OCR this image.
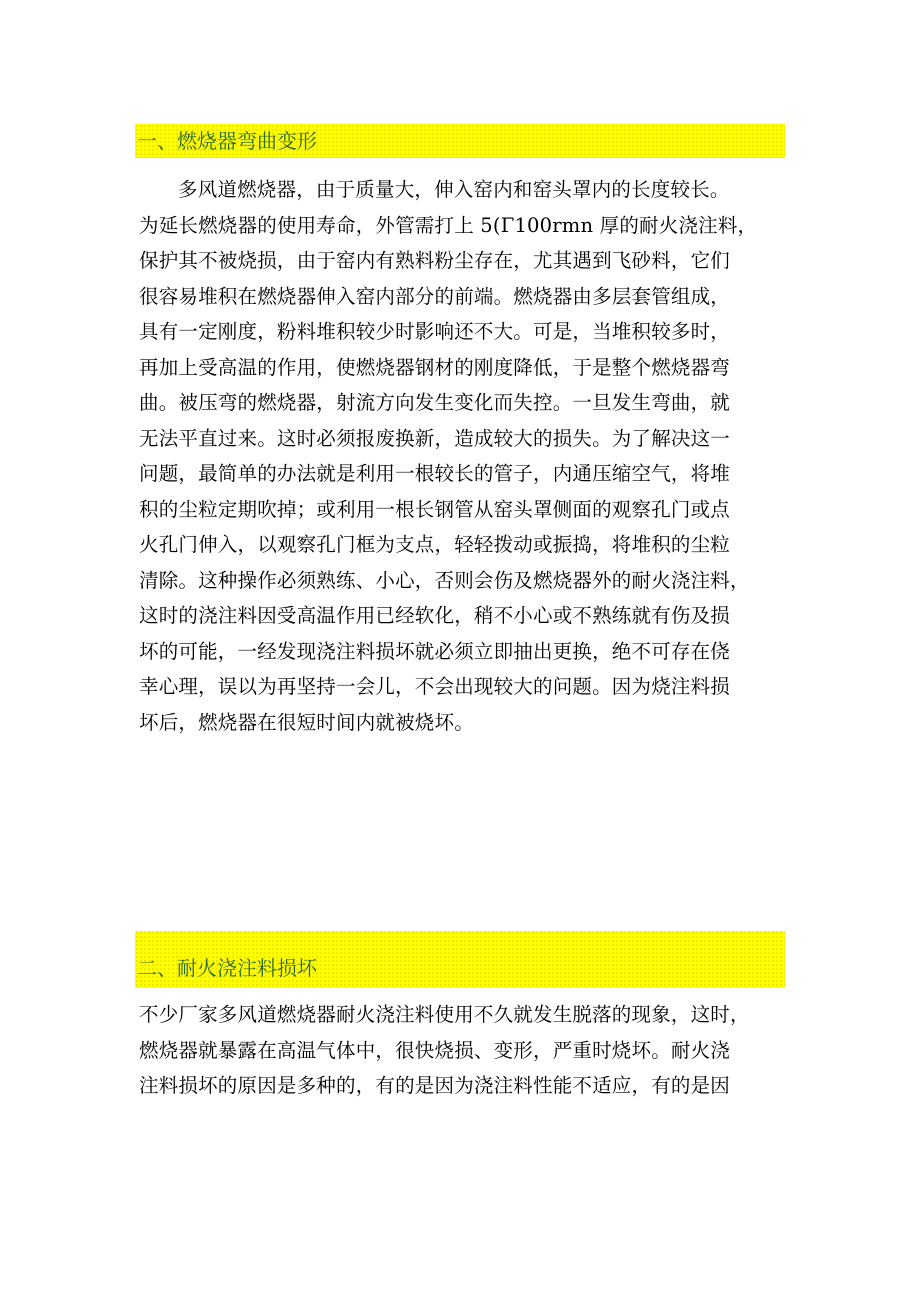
一、燃烧器弯曲变形
多风道燃烧器，由于质量大，伸入窑内和窑头罩内的长度较长。
为延长燃烧器的使用寿命，外管需打上 5(Γ100rmn 厚的耐火浇注料，
保护其不被烧损，由于窑内有熟料粉尘存在，尤其遇到飞砂料，它们
很容易堆积在燃烧器伸入窑内部分的前端。燃烧器由多层套管组成，
具有一定刚度，粉料堆积较少时影响还不大。可是，当堆积较多时，
再加上受高温的作用，使燃烧器钢材的刚度降低，于是整个燃烧器弯
曲。被压弯的燃烧器，射流方向发生变化而失控。一旦发生弯曲，就
无法平直过来。这时必须报废换新，造成较大的损失。为了解决这一
问题，最简单的办法就是利用一根较长的管子，内通压缩空气，将堆
积的尘粒定期吹掉；或利用一根长钢管从窑头罩侧面的观察孔门或点
火孔门伸入，以观察孔门框为支点，轻轻拨动或振捣，将堆积的尘粒
清除。这种操作必须熟练、小心，否则会伤及燃烧器外的耐火浇注料，
这时的浇注料因受高温作用已经软化，稍不小心或不熟练就有伤及损
坏的可能，一经发现浇注料损坏就必须立即抽出更换，绝不可存在侥
幸心理，误以为再坚持一会儿，不会出现较大的问题。因为烧注料损
坏后，燃烧器在很短时间内就被烧坏。
二、耐火浇注料损坏
不少厂家多风道燃烧器耐火浇注料使用不久就发生脱落的现象，这时，
燃烧器就暴露在高温气体中，很快烧损、变形，严重时烧坏。耐火浇
注料损坏的原因是多种的，有的是因为浇注料性能不适应，有的是因
